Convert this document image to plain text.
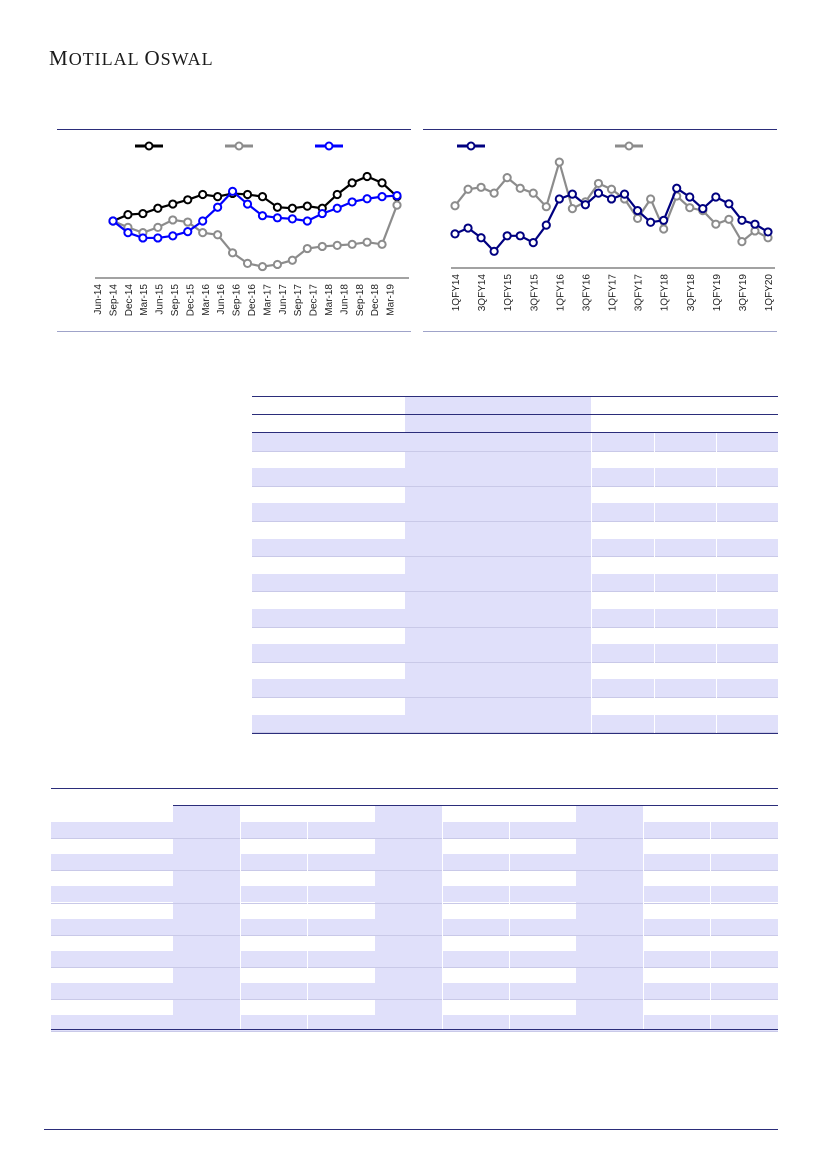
MOTILAL OSWAL
Jun-14 Sep-14 Dec-14 Mar-15 Jun-15 Sep-15 Dec-15 Mar-16 Jun-16 Sep-16 Dec-16 Mar-17 Jun-17 Sep-17 Dec-17 Mar-18 Jun-18 Sep-18 Dec-18 Mar-19	1QFY14 3QFY14 1QFY15 3QFY15 1QFY16 3QFY16 1QFY17 3QFY17 1QFY18 3QFY18 1QFY19 3QFY19 1QFY20
